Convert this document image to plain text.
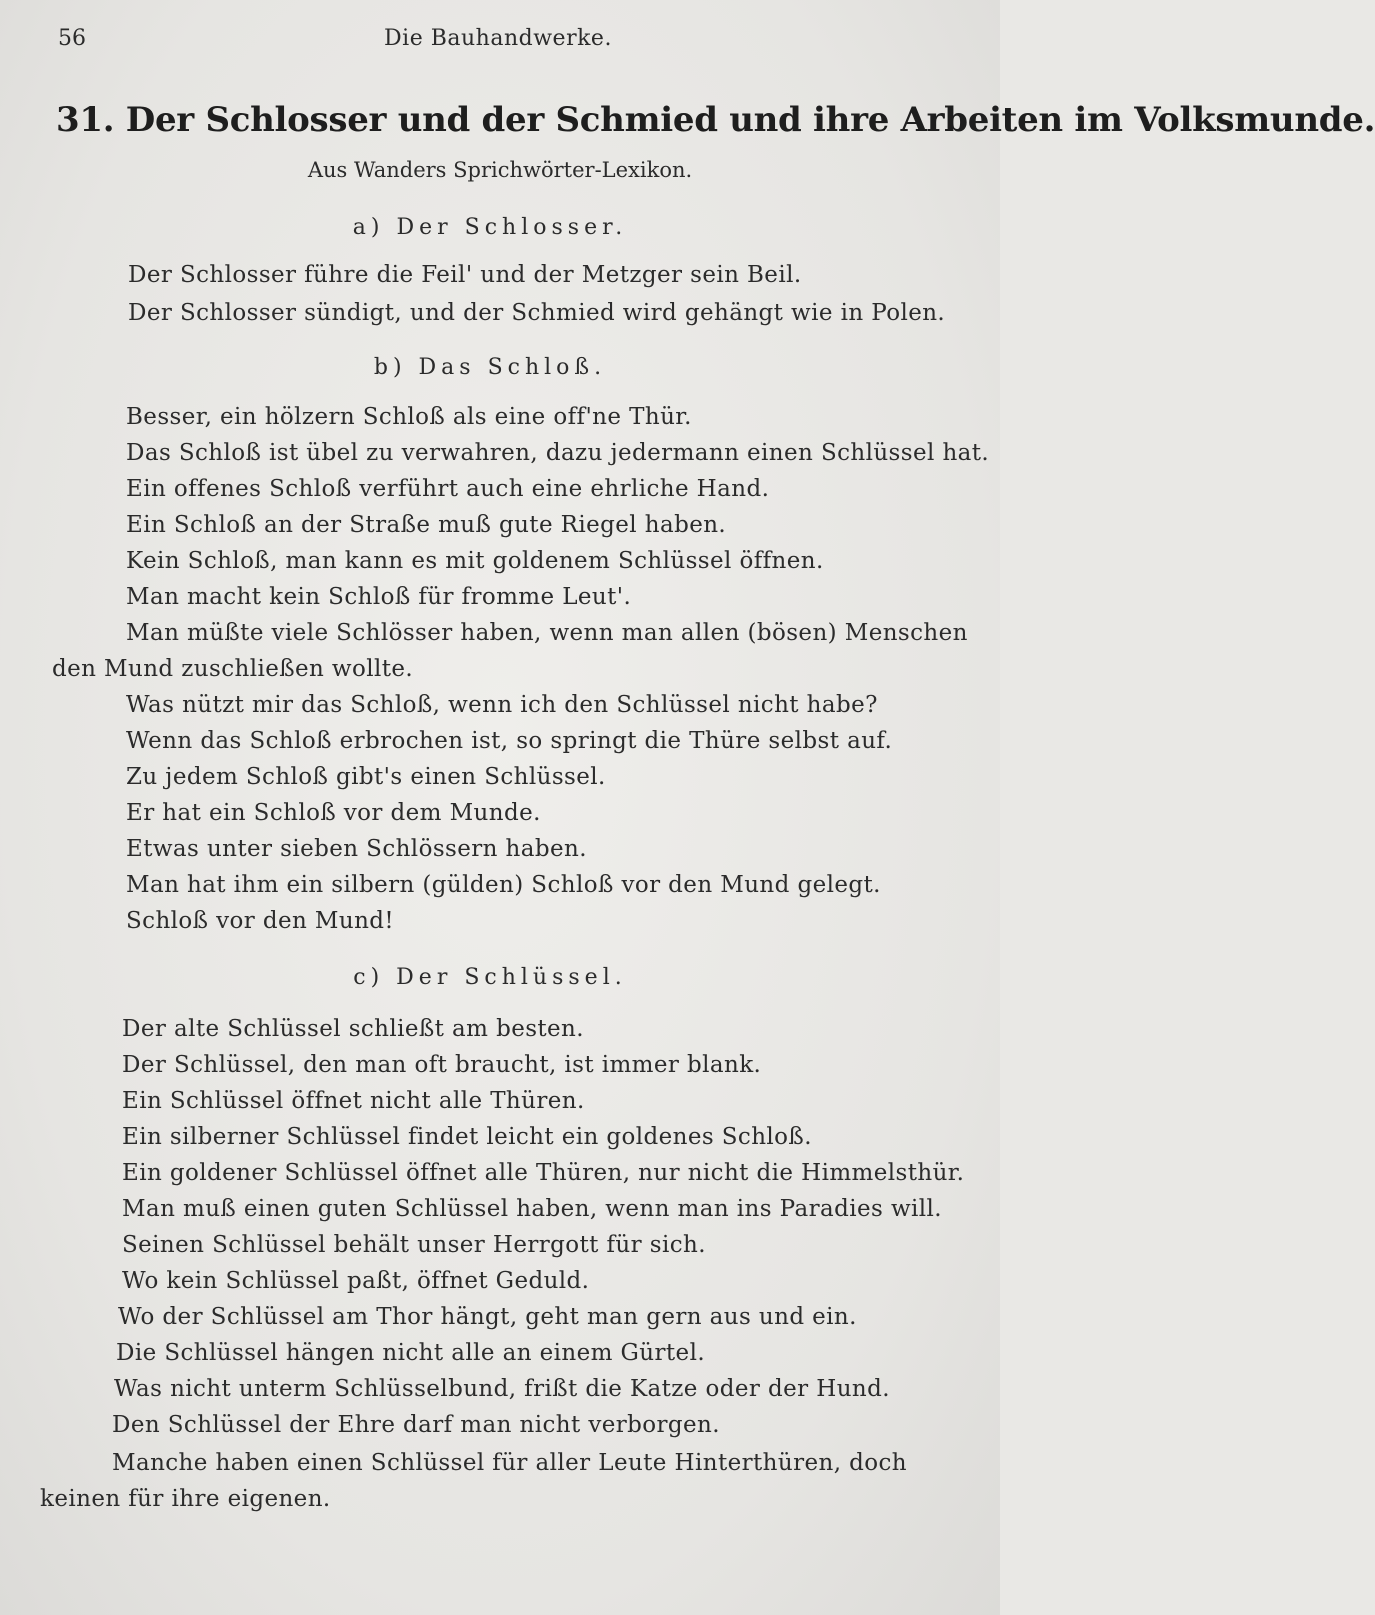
56	Die Bauhandwerke.
31. Der Schlosser und der Schmied und ihre Arbeiten im Volksmunde.
Aus Wanders Sprichwörter-Lexikon.
a) Der Schlosser.
Der Schlosser führe die Feil' und der Metzger sein Beil.
Der Schlosser sündigt, und der Schmied wird gehängt wie in Polen.
b) Das Schloß.
Besser, ein hölzern Schloß als eine off'ne Thür.
Das Schloß ist übel zu verwahren, dazu jedermann einen Schlüssel hat.
Ein offenes Schloß verführt auch eine ehrliche Hand.
Ein Schloß an der Straße muß gute Riegel haben.
Kein Schloß, man kann es mit goldenem Schlüssel öffnen.
Man macht kein Schloß für fromme Leut'.
Man müßte viele Schlösser haben, wenn man allen (bösen) Menschen
den Mund zuschließen wollte.
Was nützt mir das Schloß, wenn ich den Schlüssel nicht habe?
Wenn das Schloß erbrochen ist, so springt die Thüre selbst auf.
Zu jedem Schloß gibt's einen Schlüssel.
Er hat ein Schloß vor dem Munde.
Etwas unter sieben Schlössern haben.
Man hat ihm ein silbern (gülden) Schloß vor den Mund gelegt.
Schloß vor den Mund!
c) Der Schlüssel.
Der alte Schlüssel schließt am besten.
Der Schlüssel, den man oft braucht, ist immer blank.
Ein Schlüssel öffnet nicht alle Thüren.
Ein silberner Schlüssel findet leicht ein goldenes Schloß.
Ein goldener Schlüssel öffnet alle Thüren, nur nicht die Himmelsthür.
Man muß einen guten Schlüssel haben, wenn man ins Paradies will.
Seinen Schlüssel behält unser Herrgott für sich.
Wo kein Schlüssel paßt, öffnet Geduld.
Wo der Schlüssel am Thor hängt, geht man gern aus und ein.
Die Schlüssel hängen nicht alle an einem Gürtel.
Was nicht unterm Schlüsselbund, frißt die Katze oder der Hund.
Den Schlüssel der Ehre darf man nicht verborgen.
Manche haben einen Schlüssel für aller Leute Hinterthüren, doch
keinen für ihre eigenen.
